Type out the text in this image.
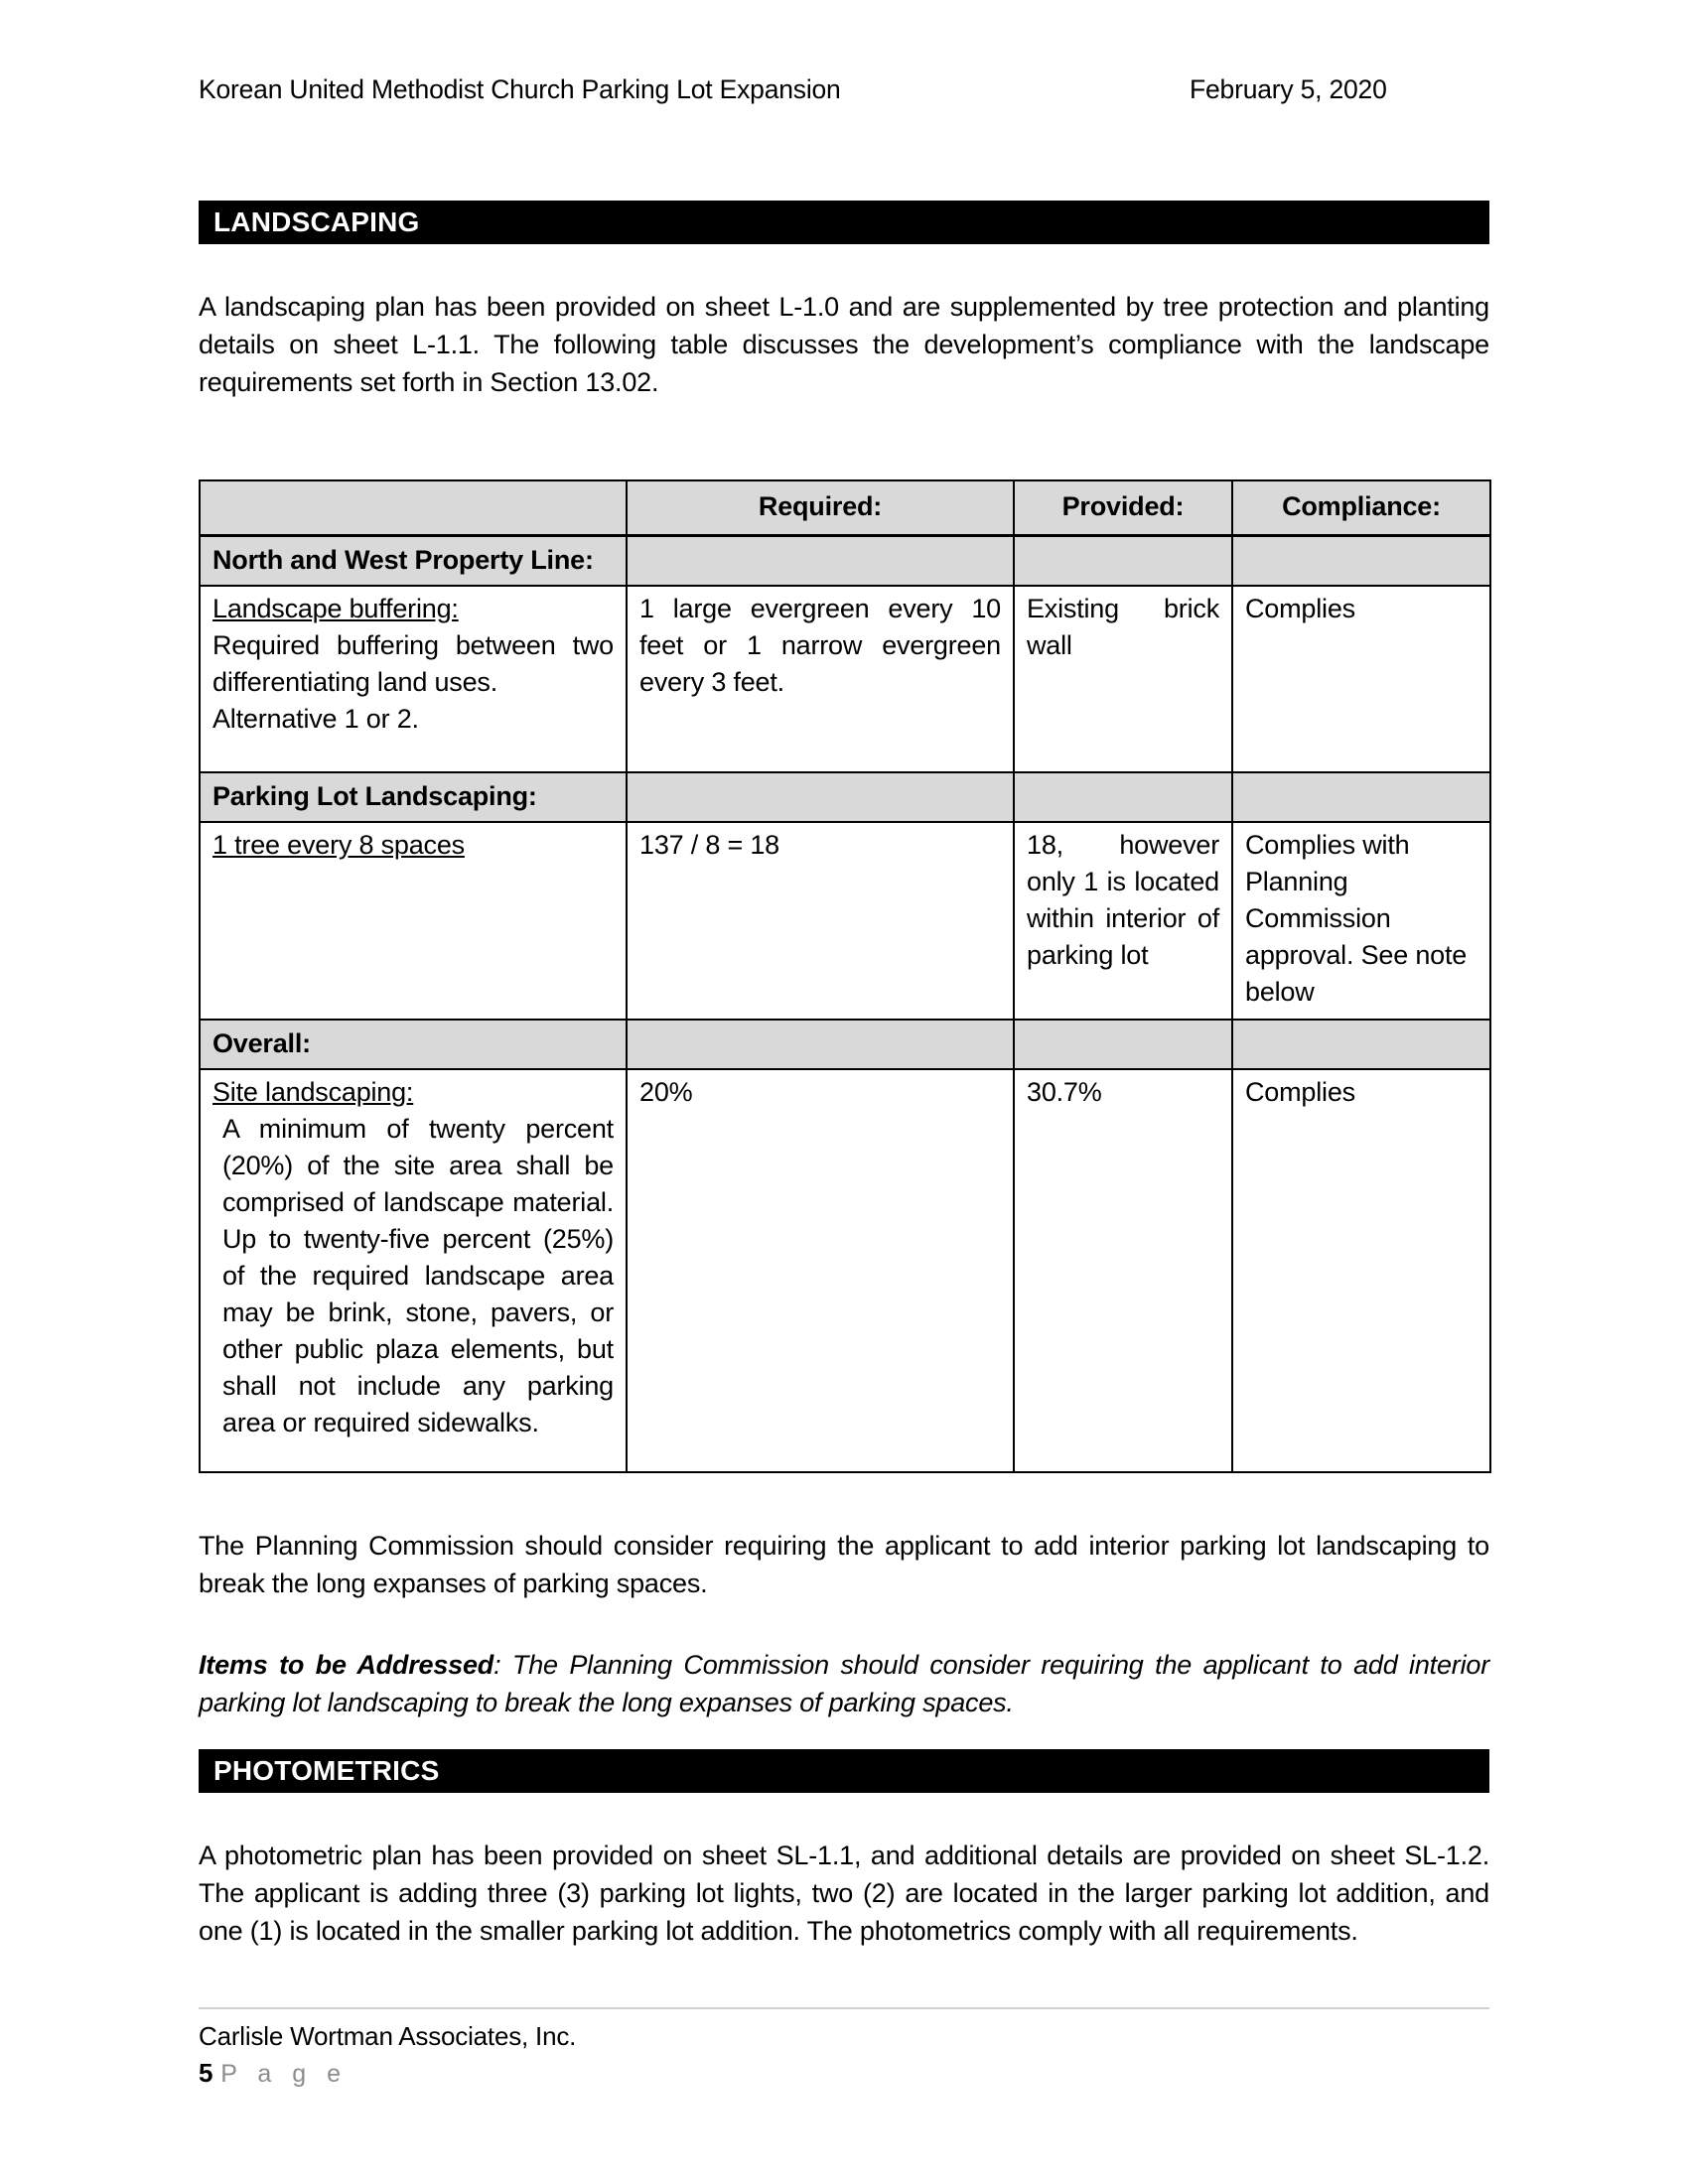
Korean United Methodist Church Parking Lot Expansion	February 5, 2020
LANDSCAPING

A landscaping plan has been provided on sheet L-1.0 and are supplemented by tree protection and planting details on sheet L-1.1. The following table discusses the development’s compliance with the landscape requirements set forth in Section 13.02.

	Required:	Provided:	Compliance:
North and West Property Line:			

Landscape buffering:
Required buffering between two differentiating land uses.
Alternative 1 or 2.	1 large evergreen every 10 feet or 1 narrow evergreen every 3 feet.	Existing brick wall	Complies
Parking Lot Landscaping:			
1 tree every 8 spaces	137 / 8 = 18	18, however only 1 is located within interior of parking lot	Complies with Planning Commission approval. See note below
Overall:			
Site landscaping:
A minimum of twenty percent (20%) of the site area shall be comprised of landscape material. Up to twenty-five percent (25%) of the required landscape area may be brink, stone, pavers, or other public plaza elements, but shall not include any parking area or required sidewalks.	20%	30.7%	Complies

The Planning Commission should consider requiring the applicant to add interior parking lot landscaping to break the long expanses of parking spaces.

Items to be Addressed: The Planning Commission should consider requiring the applicant to add interior parking lot landscaping to break the long expanses of parking spaces.

PHOTOMETRICS

A photometric plan has been provided on sheet SL-1.1, and additional details are provided on sheet SL-1.2. The applicant is adding three (3) parking lot lights, two (2) are located in the larger parking lot addition, and one (1) is located in the smaller parking lot addition. The photometrics comply with all requirements.

Carlisle Wortman Associates, Inc.
5 P a g e
